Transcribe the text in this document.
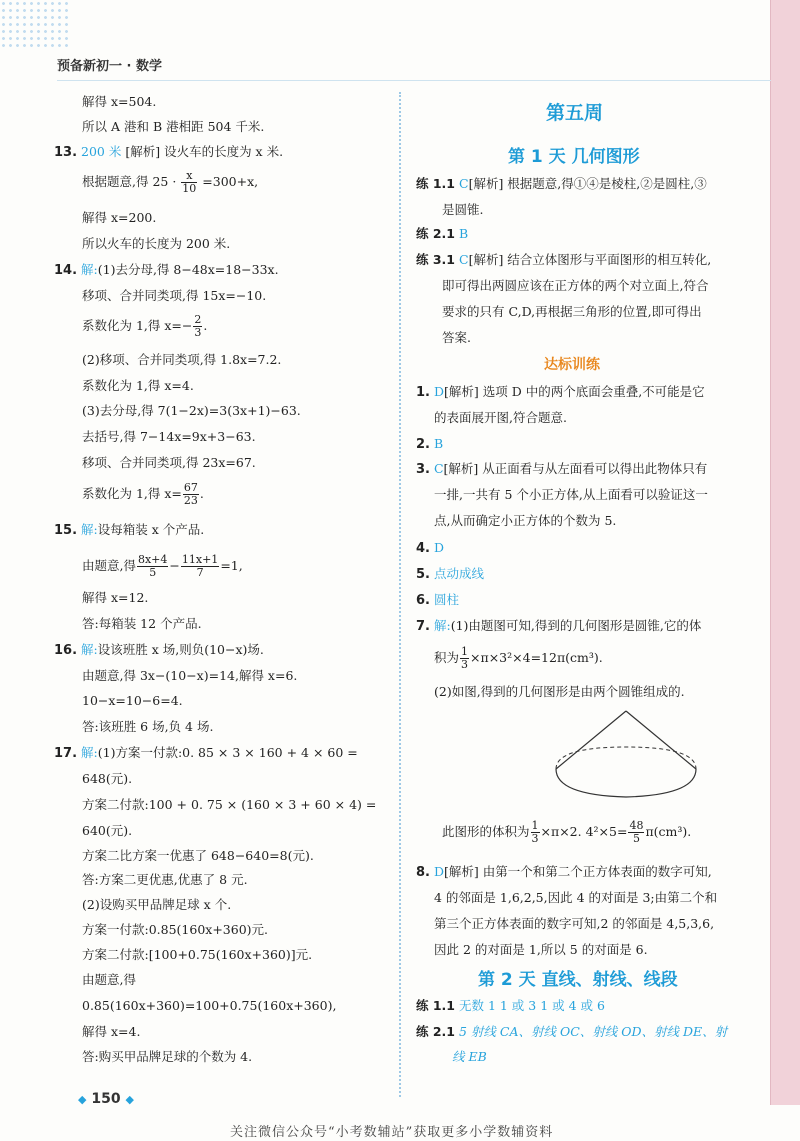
预备新初一 · 数学
解得 x=504.
所以 A 港和 B 港相距 504 千米.
13. 200 米 [解析] 设火车的长度为 x 米.
根据题意,得 $25 \cdot \frac{x}{10} =300+x$,
解得 x=200.
所以火车的长度为 200 米.
14. 解:(1)去分母,得 8−48x=18−33x.
移项、合并同类项,得 15x=−10.
系数化为 1,得 $x=- \frac{2}{3}$ .
(2)移项、合并同类项,得 1.8x=7.2.
系数化为 1,得 x=4.
(3)去分母,得 7(1−2x)=3(3x+1)−63.
去括号,得 7−14x=9x+3−63.
移项、合并同类项,得 23x=67.
系数化为 1,得 $x= \frac{67}{23}$ .
15. 解:设每箱装 x 个产品.
由题意,得 $\frac{8x+4}{5} - \frac{11x+1}{7} =1$,
解得 x=12.
答:每箱装 12 个产品.
16. 解:设该班胜 x 场,则负(10−x)场.
由题意,得 3x−(10−x)=14,解得 x=6.
10−x=10−6=4.
答:该班胜 6 场,负 4 场.
17. 解:(1)方案一付款:0. 85 × 3 × 160 + 4 × 60 =
648(元).
方案二付款:100 + 0. 75 × (160 × 3 + 60 × 4) =
640(元).
方案二比方案一优惠了 648−640=8(元).
答:方案二更优惠,优惠了 8 元.
(2)设购买甲品牌足球 x 个.
方案一付款:0.85(160x+360)元.
方案二付款:[100+0.75(160x+360)]元.
由题意,得
0.85(160x+360)=100+0.75(160x+360),
解得 x=4.
答:购买甲品牌足球的个数为 4.
第五周
第 1 天 几何图形
练 1.1 C[解析] 根据题意,得①④是棱柱,②是圆柱,③
是圆锥.
练 2.1 B
练 3.1 C[解析] 结合立体图形与平面图形的相互转化,
即可得出两圆应该在正方体的两个对立面上,符合
要求的只有 C,D,再根据三角形的位置,即可得出
答案.
达标训练
1. D[解析] 选项 D 中的两个底面会重叠,不可能是它
的表面展开图,符合题意.
2. B
3. C[解析] 从正面看与从左面看可以得出此物体只有
一排,一共有 5 个小正方体,从上面看可以验证这一
点,从而确定小正方体的个数为 5.
4. D
5. 点动成线
6. 圆柱
7. 解:(1)由题图可知,得到的几何图形是圆锥,它的体
积为 $\frac{1}{3} \times\pi\times 3^2\times 4=12\pi(cm^3)$.
(2)如图,得到的几何图形是由两个圆锥组成的.
此图形的体积为 $\frac{1}{3} \times\pi\times 2$. $4^2\times 5= \frac{48}{5} \pi(cm^3)$.
8. D[解析] 由第一个和第二个正方体表面的数字可知,
4 的邻面是 1,6,2,5,因此 4 的对面是 3;由第二个和
第三个正方体表面的数字可知,2 的邻面是 4,5,3,6,
因此 2 的对面是 1,所以 5 的对面是 6.
第 2 天 直线、射线、线段
练 1.1 无数 1 1 或 3 1 或 4 或 6
练 2.1 5 射线 CA、射线 OC、射线 OD、射线 DE、射
线 EB
◆ 150 ◆
关注微信公众号“小考数辅站”获取更多小学数辅资料
